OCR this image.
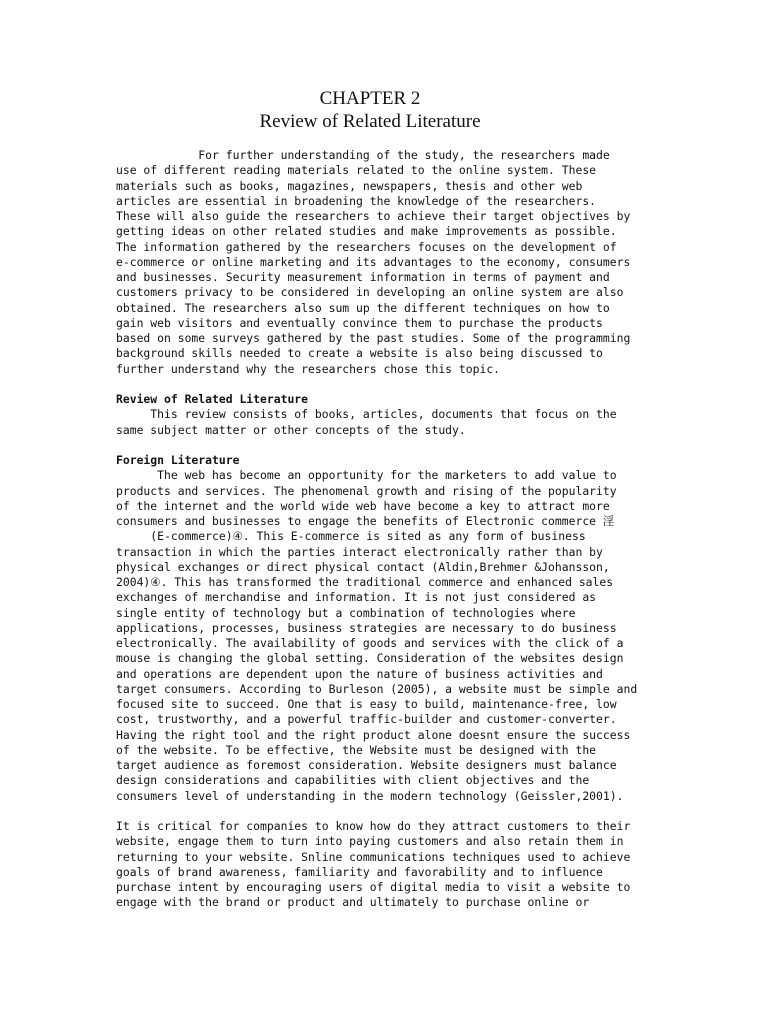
CHAPTER 2
Review of Related Literature
For further understanding of the study, the researchers made
use of different reading materials related to the online system. These
materials such as books, magazines, newspapers, thesis and other web
articles are essential in broadening the knowledge of the researchers.
These will also guide the researchers to achieve their target objectives by
getting ideas on other related studies and make improvements as possible.
The information gathered by the researchers focuses on the development of
e-commerce or online marketing and its advantages to the economy, consumers
and businesses. Security measurement information in terms of payment and
customers privacy to be considered in developing an online system are also
obtained. The researchers also sum up the different techniques on how to
gain web visitors and eventually convince them to purchase the products
based on some surveys gathered by the past studies. Some of the programming
background skills needed to create a website is also being discussed to
further understand why the researchers chose this topic.
Review of Related Literature
This review consists of books, articles, documents that focus on the
same subject matter or other concepts of the study.
Foreign Literature
The web has become an opportunity for the marketers to add value to
products and services. The phenomenal growth and rising of the popularity
of the internet and the world wide web have become a key to attract more
consumers and businesses to engage the benefits of Electronic commerce 淫
(E-commerce)④. This E-commerce is sited as any form of business
transaction in which the parties interact electronically rather than by
physical exchanges or direct physical contact (Aldin,Brehmer &Johansson,
2004)④. This has transformed the traditional commerce and enhanced sales
exchanges of merchandise and information. It is not just considered as
single entity of technology but a combination of technologies where
applications, processes, business strategies are necessary to do business
electronically. The availability of goods and services with the click of a
mouse is changing the global setting. Consideration of the websites design
and operations are dependent upon the nature of business activities and
target consumers. According to Burleson (2005), a website must be simple and
focused site to succeed. One that is easy to build, maintenance-free, low
cost, trustworthy, and a powerful traffic-builder and customer-converter.
Having the right tool and the right product alone doesnt ensure the success
of the website. To be effective, the Website must be designed with the
target audience as foremost consideration. Website designers must balance
design considerations and capabilities with client objectives and the
consumers level of understanding in the modern technology (Geissler,2001).
It is critical for companies to know how do they attract customers to their
website, engage them to turn into paying customers and also retain them in
returning to your website. Snline communications techniques used to achieve
goals of brand awareness, familiarity and favorability and to influence
purchase intent by encouraging users of digital media to visit a website to
engage with the brand or product and ultimately to purchase online or
